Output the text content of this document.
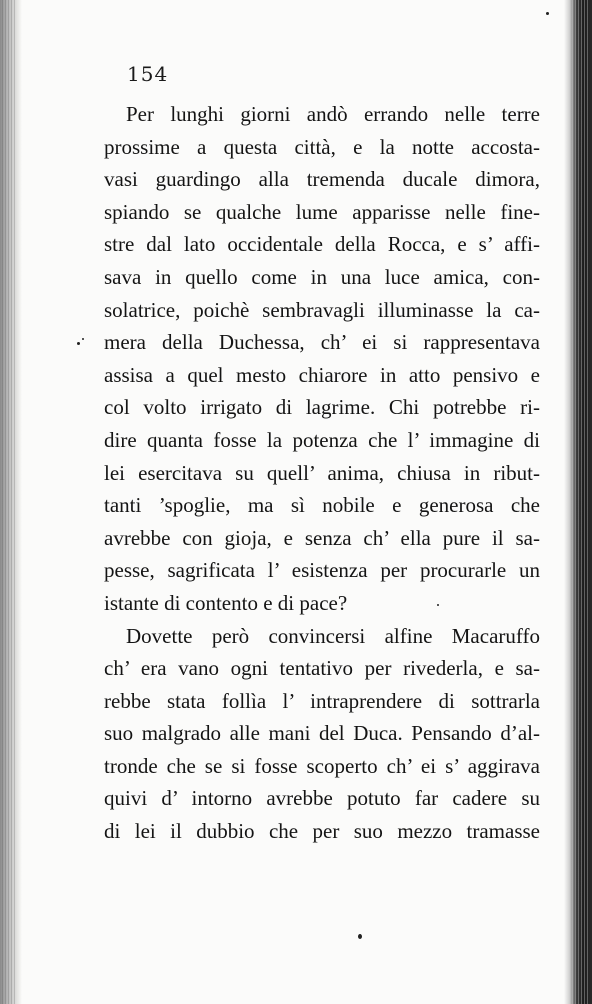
154
Per lunghi giorni andò errando nelle terre
prossime a questa città, e la notte accosta-
vasi guardingo alla tremenda ducale dimora,
spiando se qualche lume apparisse nelle fine-
stre dal lato occidentale della Rocca, e s’ affi-
sava in quello come in una luce amica, con-
solatrice, poichè sembravagli illuminasse la ca-
mera della Duchessa, ch’ ei si rappresentava
assisa a quel mesto chiarore in atto pensivo e
col volto irrigato di lagrime. Chi potrebbe ri-
dire quanta fosse la potenza che l’ immagine di
lei esercitava su quell’ anima, chiusa in ribut-
tanti ’spoglie, ma sì nobile e generosa che
avrebbe con gioja, e senza ch’ ella pure il sa-
pesse, sagrificata l’ esistenza per procurarle un
istante di contento e di pace?
Dovette però convincersi alfine Macaruffo
ch’ era vano ogni tentativo per rivederla, e sa-
rebbe stata follìa l’ intraprendere di sottrarla
suo malgrado alle mani del Duca. Pensando d’al-
tronde che se si fosse scoperto ch’ ei s’ aggirava
quivi d’ intorno avrebbe potuto far cadere su
di lei il dubbio che per suo mezzo tramasse
